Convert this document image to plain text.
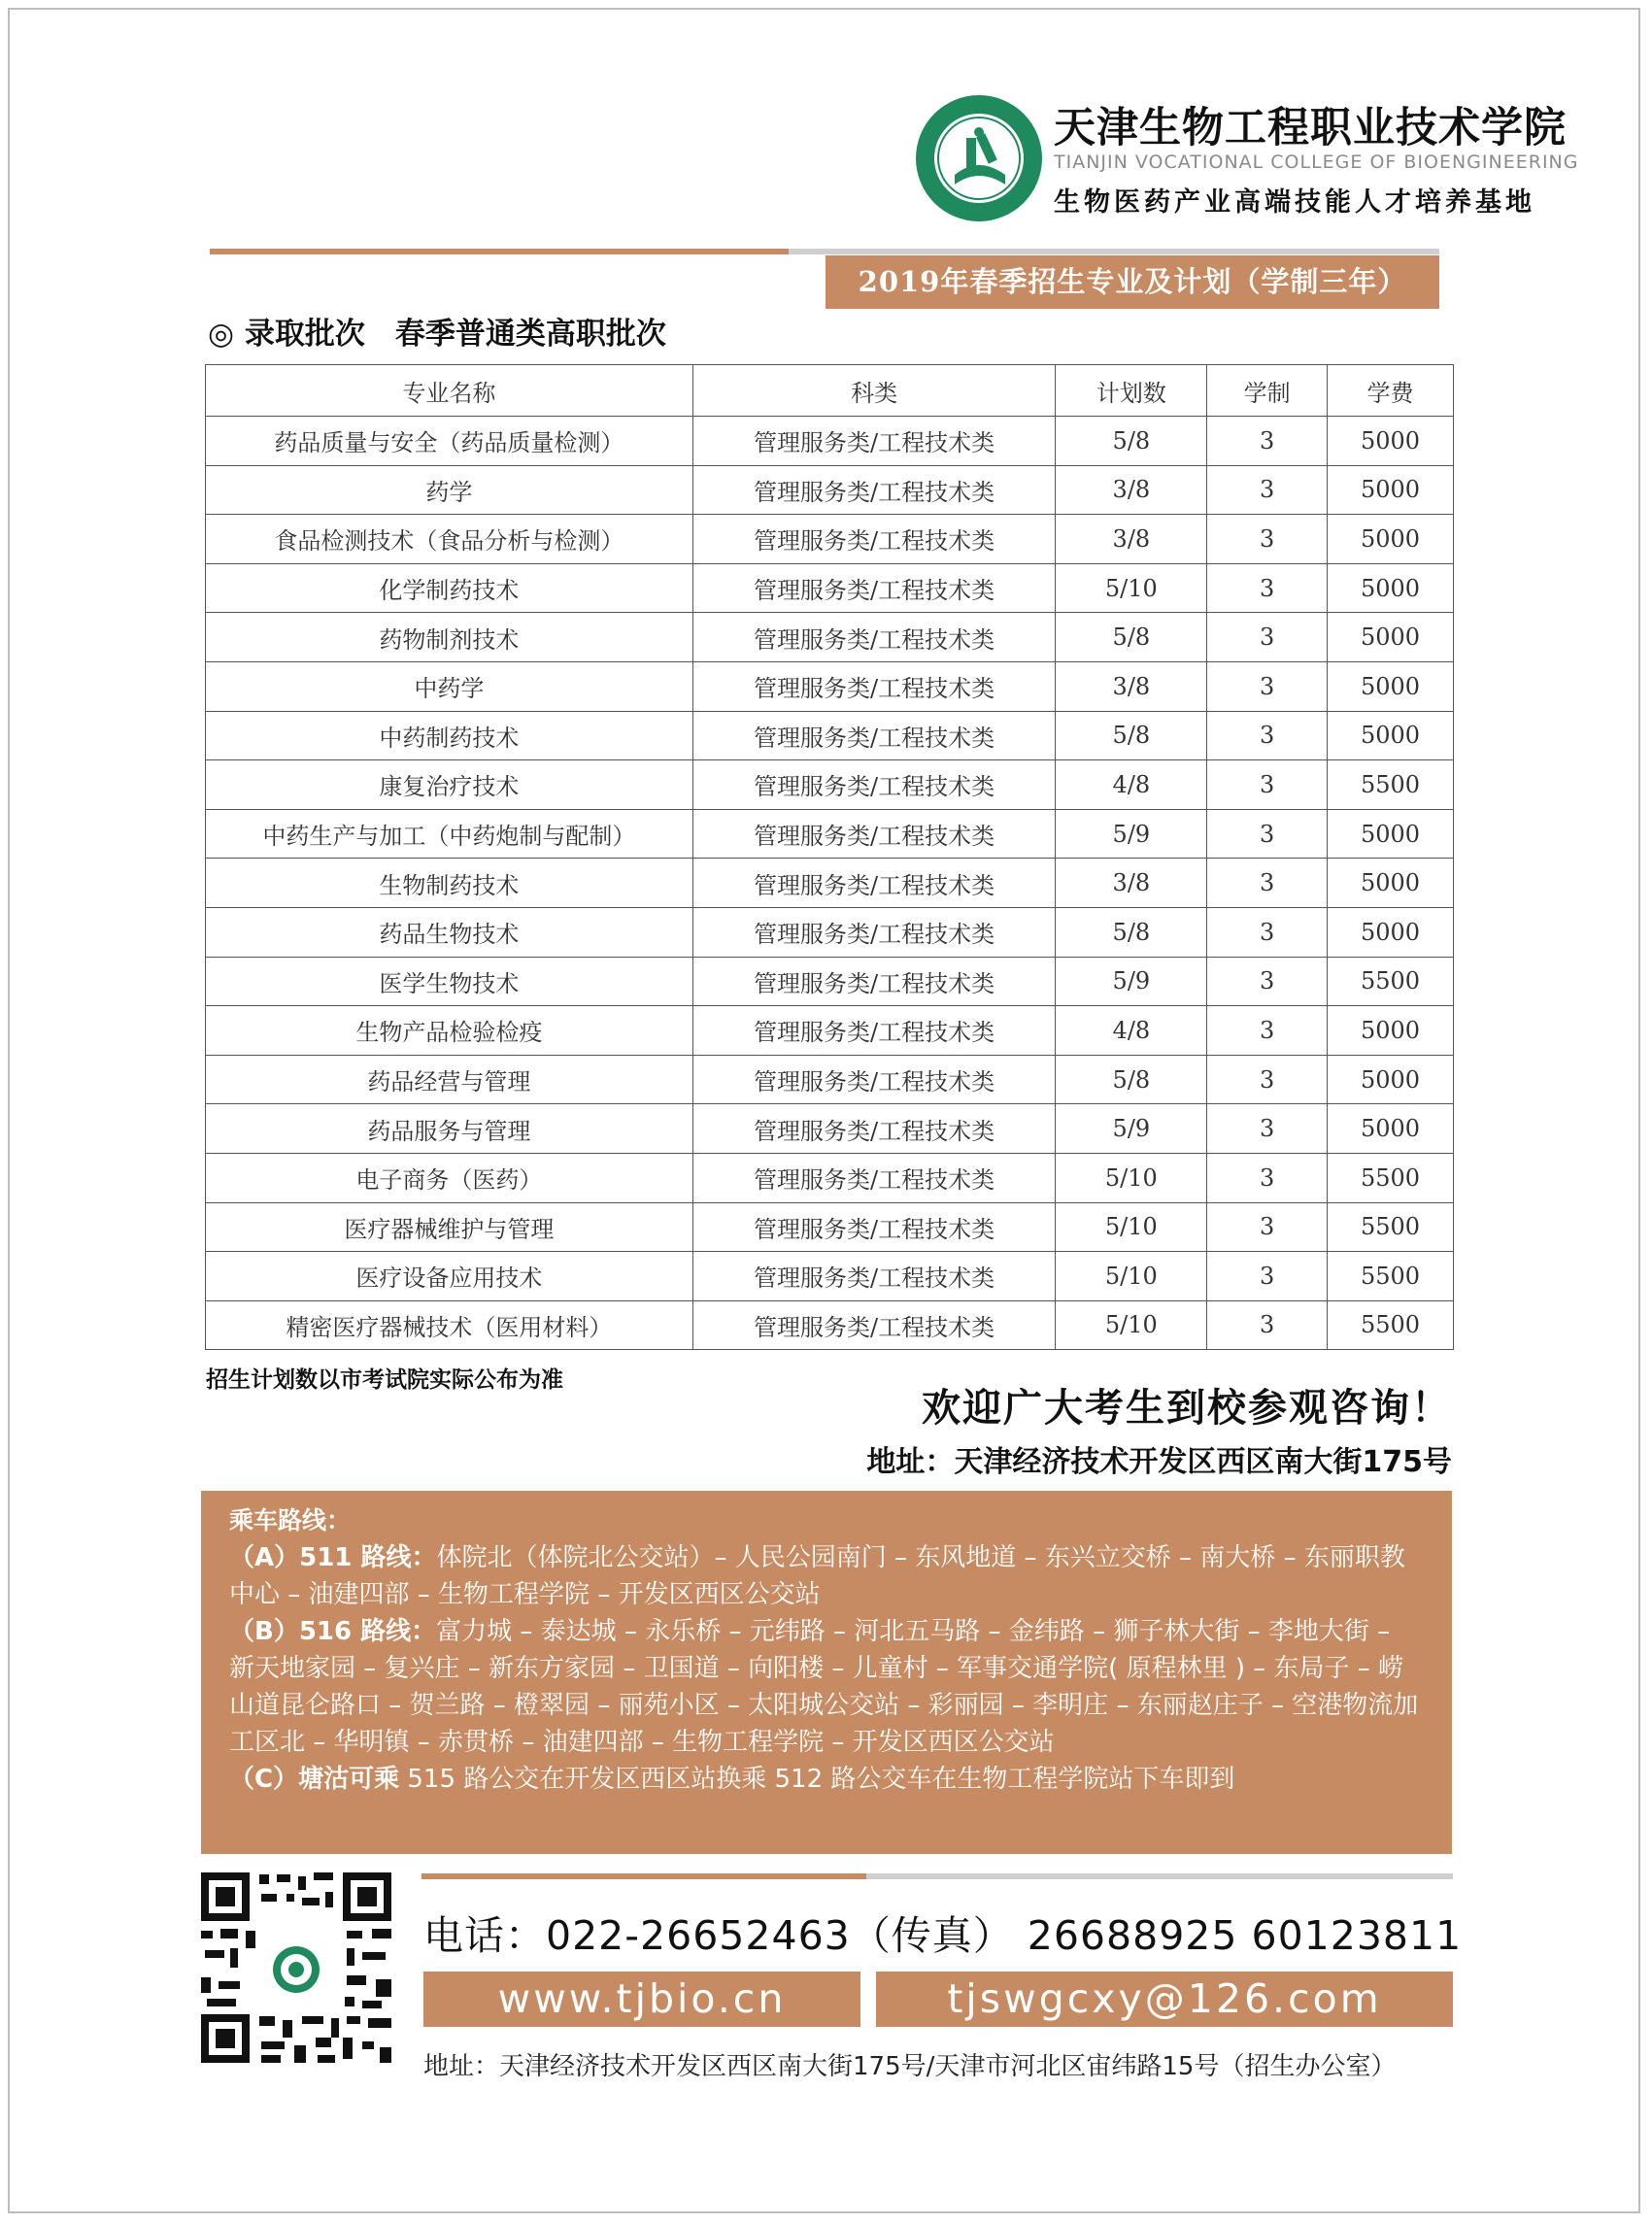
天津生物工程职业技术学院
TIANJIN VOCATIONAL COLLEGE OF BIOENGINEERING
生物医药产业高端技能人才培养基地
2019年春季招生专业及计划（学制三年）
◎ 录取批次　春季普通类高职批次
专业名称	科类	计划数	学制	学费
药品质量与安全（药品质量检测）	管理服务类/工程技术类	5/8	3	5000
药学	管理服务类/工程技术类	3/8	3	5000
食品检测技术（食品分析与检测）	管理服务类/工程技术类	3/8	3	5000
化学制药技术	管理服务类/工程技术类	5/10	3	5000
药物制剂技术	管理服务类/工程技术类	5/8	3	5000
中药学	管理服务类/工程技术类	3/8	3	5000
中药制药技术	管理服务类/工程技术类	5/8	3	5000
康复治疗技术	管理服务类/工程技术类	4/8	3	5500
中药生产与加工（中药炮制与配制）	管理服务类/工程技术类	5/9	3	5000
生物制药技术	管理服务类/工程技术类	3/8	3	5000
药品生物技术	管理服务类/工程技术类	5/8	3	5000
医学生物技术	管理服务类/工程技术类	5/9	3	5500
生物产品检验检疫	管理服务类/工程技术类	4/8	3	5000
药品经营与管理	管理服务类/工程技术类	5/8	3	5000
药品服务与管理	管理服务类/工程技术类	5/9	3	5000
电子商务（医药）	管理服务类/工程技术类	5/10	3	5500
医疗器械维护与管理	管理服务类/工程技术类	5/10	3	5500
医疗设备应用技术	管理服务类/工程技术类	5/10	3	5500
精密医疗器械技术（医用材料）	管理服务类/工程技术类	5/10	3	5500
招生计划数以市考试院实际公布为准
欢迎广大考生到校参观咨询！
地址：天津经济技术开发区西区南大街175号
乘车路线：

（A）511 路线：体院北（体院北公交站）– 人民公园南门 – 东风地道 – 东兴立交桥 – 南大桥 – 东丽职教中心 – 油建四部 – 生物工程学院 – 开发区西区公交站

（B）516 路线：富力城 – 泰达城 – 永乐桥 – 元纬路 – 河北五马路 – 金纬路 – 狮子林大街 – 李地大街 – 新天地家园 – 复兴庄 – 新东方家园 – 卫国道 – 向阳楼 – 儿童村 – 军事交通学院( 原程林里 ) – 东局子 – 崂山道昆仑路口 – 贺兰路 – 橙翠园 – 丽苑小区 – 太阳城公交站 – 彩丽园 – 李明庄 – 东丽赵庄子 – 空港物流加工区北 – 华明镇 – 赤贯桥 – 油建四部 – 生物工程学院 – 开发区西区公交站

（C）塘沽可乘 515 路公交在开发区西区站换乘 512 路公交车在生物工程学院站下车即到

电话：022-26652463（传真） 26688925 60123811
www.tjbio.cn	tjswgcxy@126.com
地址：天津经济技术开发区西区南大街175号/天津市河北区宙纬路15号（招生办公室）
